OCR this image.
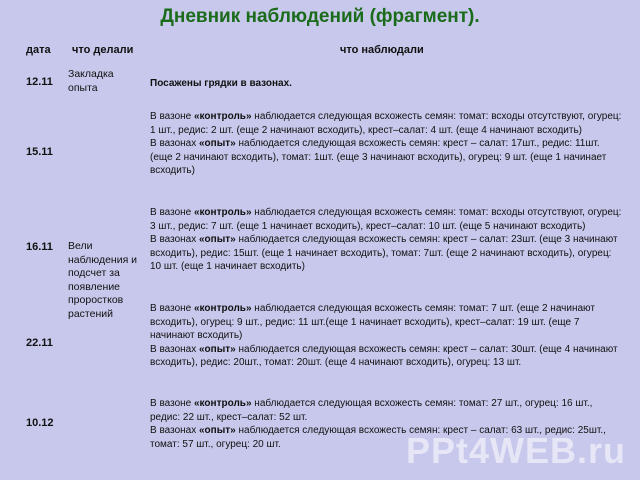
Дневник наблюдений (фрагмент).
дата что делали	что наблюдали
12.11
15.11
16.11
22.11
10.12
Закладка опыта
Вели наблюдения и подсчет за появление проростков растений
Посажены грядки в вазонах.
В вазоне «контроль» наблюдается следующая всхожесть семян: томат: всходы отсутствуют, огурец: 1 шт., редис: 2 шт. (еще 2 начинают всходить), крест–салат: 4 шт. (еще 4 начинают всходить)
В вазонах «опыт» наблюдается следующая всхожесть семян: крест – салат: 17шт., редис: 11шт. (еще 2 начинают всходить), томат: 1шт. (еще 3 начинают всходить), огурец: 9 шт. (еще 1 начинает всходить)
В вазоне «контроль» наблюдается следующая всхожесть семян: томат: всходы отсутствуют, огурец: 3 шт., редис: 7 шт. (еще 1 начинает всходить), крест–салат: 10 шт. (еще 5 начинают всходить)
В вазонах «опыт» наблюдается следующая всхожесть семян: крест – салат: 23шт. (еще 3 начинают всходить), редис: 15шт. (еще 1 начинает всходить), томат: 7шт. (еще 2 начинают всходить), огурец: 10 шт. (еще 1 начинает всходить)
В вазоне «контроль» наблюдается следующая всхожесть семян: томат: 7 шт. (еще 2 начинают всходить), огурец: 9 шт., редис: 11 шт.(еще 1 начинает всходить), крест–салат: 19 шт. (еще 7 начинают всходить)
В вазонах «опыт» наблюдается следующая всхожесть семян: крест – салат: 30шт. (еще 4 начинают всходить), редис: 20шт., томат: 20шт. (еще 4 начинают всходить), огурец: 13 шт.
В вазоне «контроль» наблюдается следующая всхожесть семян: томат: 27 шт., огурец: 16 шт., редис: 22 шт., крест–салат: 52 шт.
В вазонах «опыт» наблюдается следующая всхожесть семян: крест – салат: 63 шт., редис: 25шт., томат: 57 шт., огурец: 20 шт.	PPt4WEB.ru
